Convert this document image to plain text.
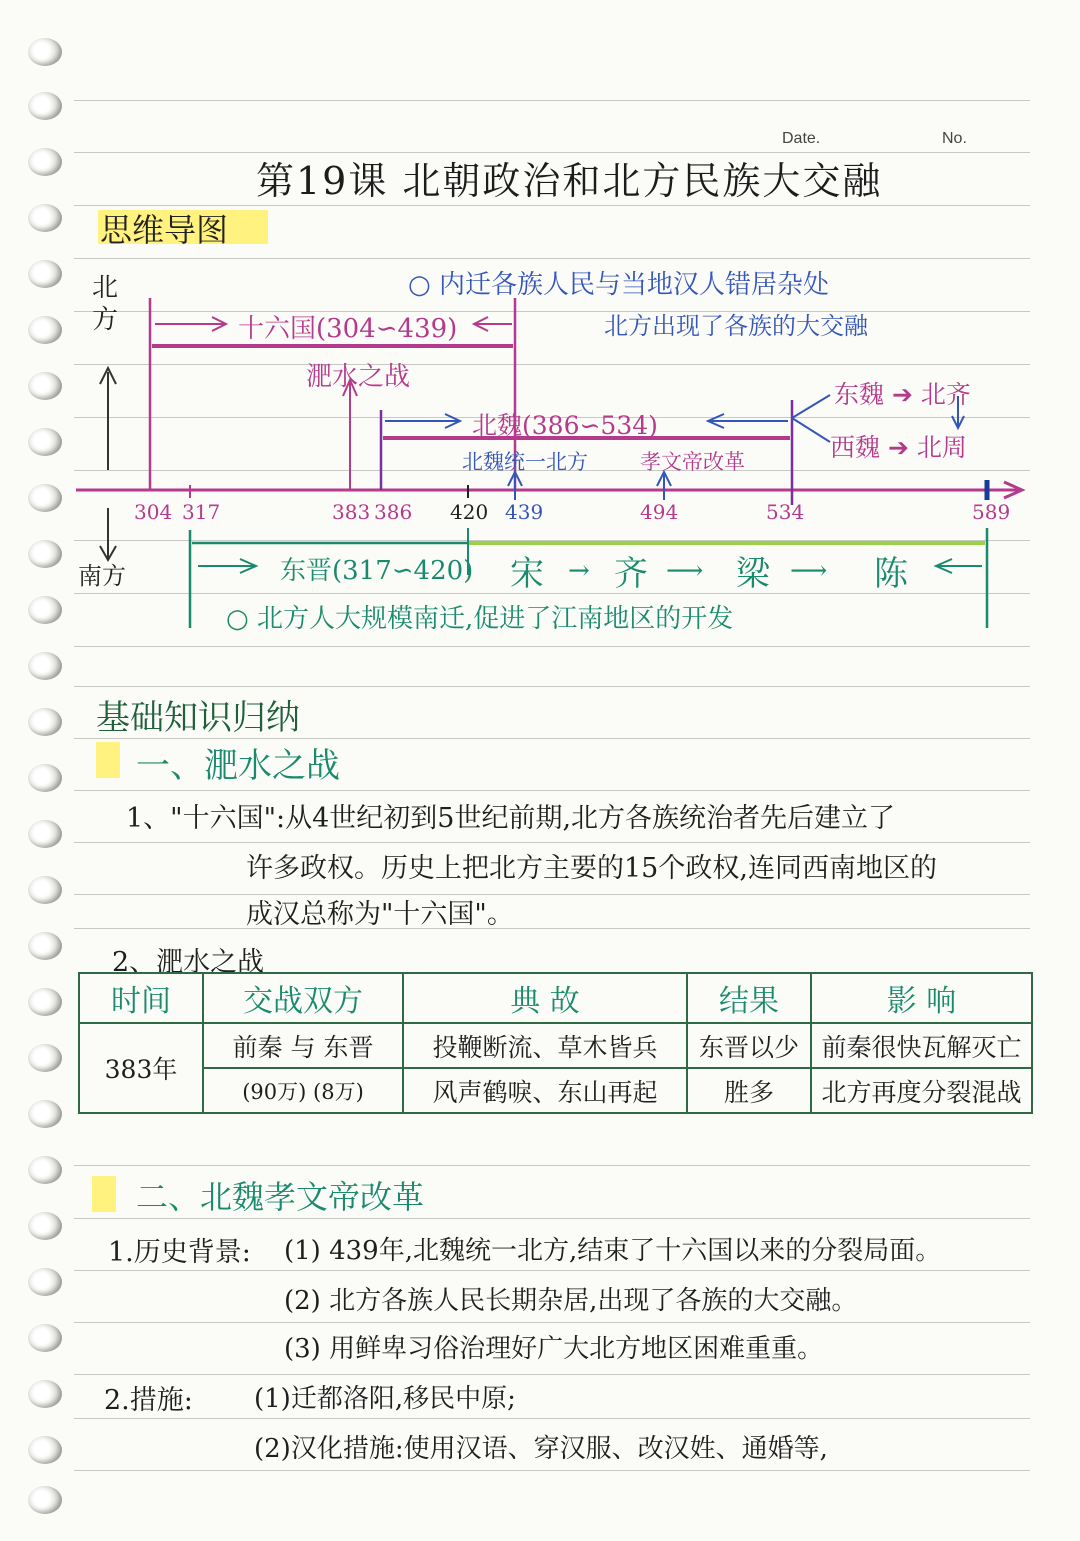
Date.	No.
第19课 北朝政治和北方民族大交融
思维导图
北方
南方
○ 内迁各族人民与当地汉人错居杂处
北方出现了各族的大交融
十六国(304∽439)
淝水之战
北魏(386∽534)
北魏统一北方 孝文帝改革
东魏 ➔ 北齐
西魏 ➔ 北周
304 317	383 386 420 439	494	534	589
东晋(317∽420) 宋 → 齐 ⟶ 梁 ⟶ 陈
○ 北方人大规模南迁,促进了江南地区的开发
基础知识归纳
一、淝水之战
1、"十六国":从4世纪初到5世纪前期,北方各族统治者先后建立了
许多政权。历史上把北方主要的15个政权,连同西南地区的
成汉总称为"十六国"。
2、淝水之战
时间	交战双方	典 故	结果	影 响
383年	前秦 与 东晋	投鞭断流、草木皆兵	东晋以少	前秦很快瓦解灭亡
	(90万) (8万)	风声鹤唳、东山再起	胜多	北方再度分裂混战
二、北魏孝文帝改革
1.历史背景: (1) 439年,北魏统一北方,结束了十六国以来的分裂局面。
(2) 北方各族人民长期杂居,出现了各族的大交融。
(3) 用鲜卑习俗治理好广大北方地区困难重重。
2.措施: (1)迁都洛阳,移民中原;
(2)汉化措施:使用汉语、穿汉服、改汉姓、通婚等,
